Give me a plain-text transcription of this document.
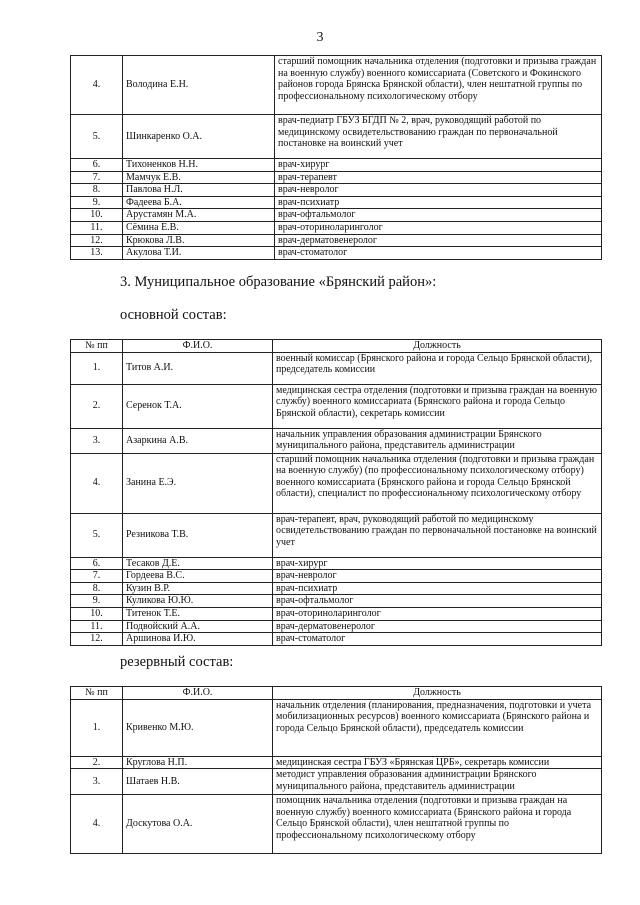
3
4.	Володина Е.Н.	старший помощник начальника отделения (подготовки и призыва граждан на военную службу) военного комиссариата (Советского и Фокинского районов города Брянска Брянской области), член нештатной группы по профессиональному психологическому отбору
5.	Шинкаренко О.А.	врач-педиатр ГБУЗ БГДП № 2, врач, руководящий работой по медицинскому освидетельствованию граждан по первоначальной постановке на воинский учет
6.	Тихоненков Н.Н.	врач-хирург
7.	Мамчук Е.В.	врач-терапевт
8.	Павлова Н.Л.	врач-невролог
9.	Фадеева Б.А.	врач-психиатр
10.	Арустамян М.А.	врач-офтальмолог
11.	Сёмина Е.В.	врач-оториноларинголог
12.	Крюкова Л.В.	врач-дерматовенеролог
13.	Акулова Т.И.	врач-стоматолог
3. Муниципальное образование «Брянский район»:
основной состав:
№ пп	Ф.И.О.	Должность
1.	Титов А.И.	военный комиссар (Брянского района и города Сельцо Брянской области), председатель комиссии
2.	Серенок Т.А.	медицинская сестра отделения (подготовки и призыва граждан на военную службу) военного комиссариата (Брянского района и города Сельцо Брянской области), секретарь комиссии
3.	Азаркина А.В.	начальник управления образования администрации Брянского муниципального района, представитель администрации
4.	Занина Е.Э.	старший помощник начальника отделения (подготовки и призыва граждан на военную службу) (по профессиональному психологическому отбору) военного комиссариата (Брянского района и города Сельцо Брянской области), специалист по профессиональному психологическому отбору
5.	Резникова Т.В.	врач-терапевт, врач, руководящий работой по медицинскому освидетельствованию граждан по первоначальной постановке на воинский учет
6.	Тесаков Д.Е.	врач-хирург
7.	Гордеева В.С.	врач-невролог
8.	Кузин В.Р.	врач-психиатр
9.	Куликова Ю.Ю.	врач-офтальмолог
10.	Титенок Т.Е.	врач-оториноларинголог
11.	Подвойский А.А.	врач-дерматовенеролог
12.	Аршинова И.Ю.	врач-стоматолог
резервный состав:
№ пп	Ф.И.О.	Должность
1.	Кривенко М.Ю.	начальник отделения (планирования, предназначения, подготовки и учета мобилизационных ресурсов) военного комиссариата (Брянского района и города Сельцо Брянской области), председатель комиссии
2.	Круглова Н.П.	медицинская сестра ГБУЗ «Брянская ЦРБ», секретарь комиссии
3.	Шатаев Н.В.	методист управления образования администрации Брянского муниципального района, представитель администрации
4.	Доскутова О.А.	помощник начальника отделения (подготовки и призыва граждан на военную службу) военного комиссариата (Брянского района и города Сельцо Брянской области), член нештатной группы по профессиональному психологическому отбору
